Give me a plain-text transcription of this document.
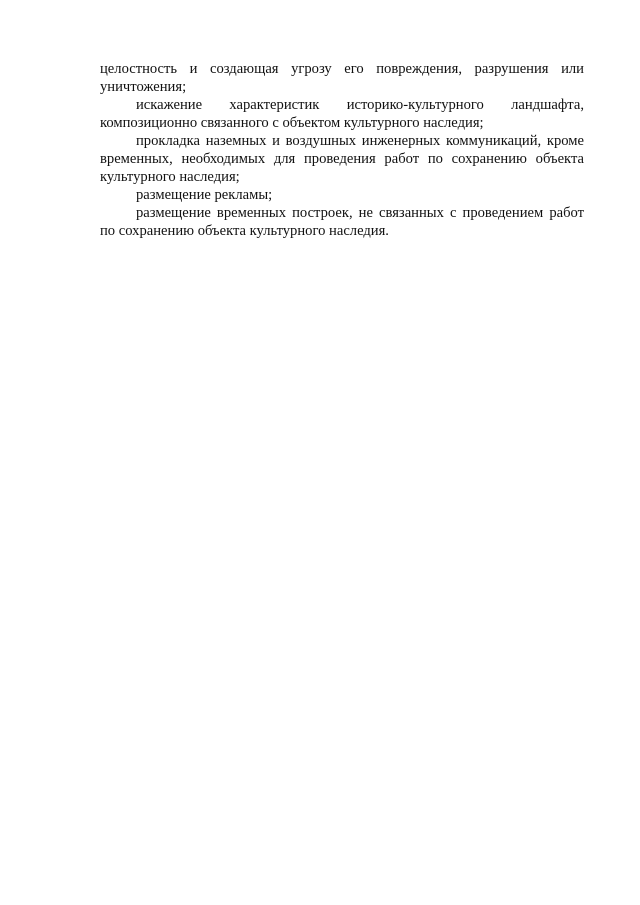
целостность и создающая угрозу его повреждения, разрушения или уничтожения;

искажение характеристик историко-культурного ландшафта, композиционно связанного с объектом культурного наследия;

прокладка наземных и воздушных инженерных коммуникаций, кроме временных, необходимых для проведения работ по сохранению объекта культурного наследия;

размещение рекламы;

размещение временных построек, не связанных с проведением работ по сохранению объекта культурного наследия.
